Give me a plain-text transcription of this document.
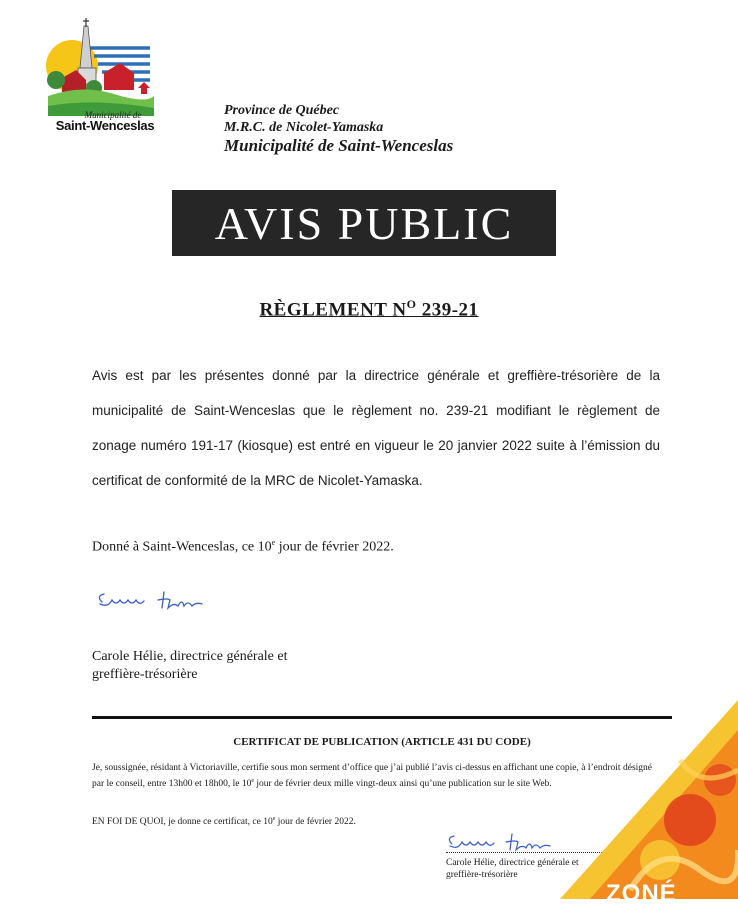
Municipalité de
Saint-Wenceslas
Province de Québec
M.R.C. de Nicolet-Yamaska
Municipalité de Saint-Wenceslas
AVIS PUBLIC
RÈGLEMENT $N^O$ 239-21
Avis est par les présentes donné par la directrice générale et greffière-trésorière de la municipalité de Saint-Wenceslas que le règlement no. 239-21 modifiant le règlement de zonage numéro 191-17 (kiosque) est entré en vigueur le 20 janvier 2022 suite à l’émission du certificat de conformité de la MRC de Nicolet-Yamaska.
Donné à Saint-Wenceslas, ce 10e jour de février 2022.
Carole Hélie, directrice générale et
greffière-trésorière
CERTIFICAT DE PUBLICATION (ARTICLE 431 DU CODE)
Je, soussignée, résidant à Victoriaville, certifie sous mon serment d’office que j’ai publié l’avis ci-dessus en affichant une copie, à l’endroit désigné par le conseil, entre 13h00 et 18h00, le 10e jour de février deux mille vingt-deux ainsi qu’une publication sur le site Web.
EN FOI DE QUOI, je donne ce certificat, ce 10e jour de février 2022.
Carole Hélie, directrice générale et
greffière-trésorière
ZONÉ
